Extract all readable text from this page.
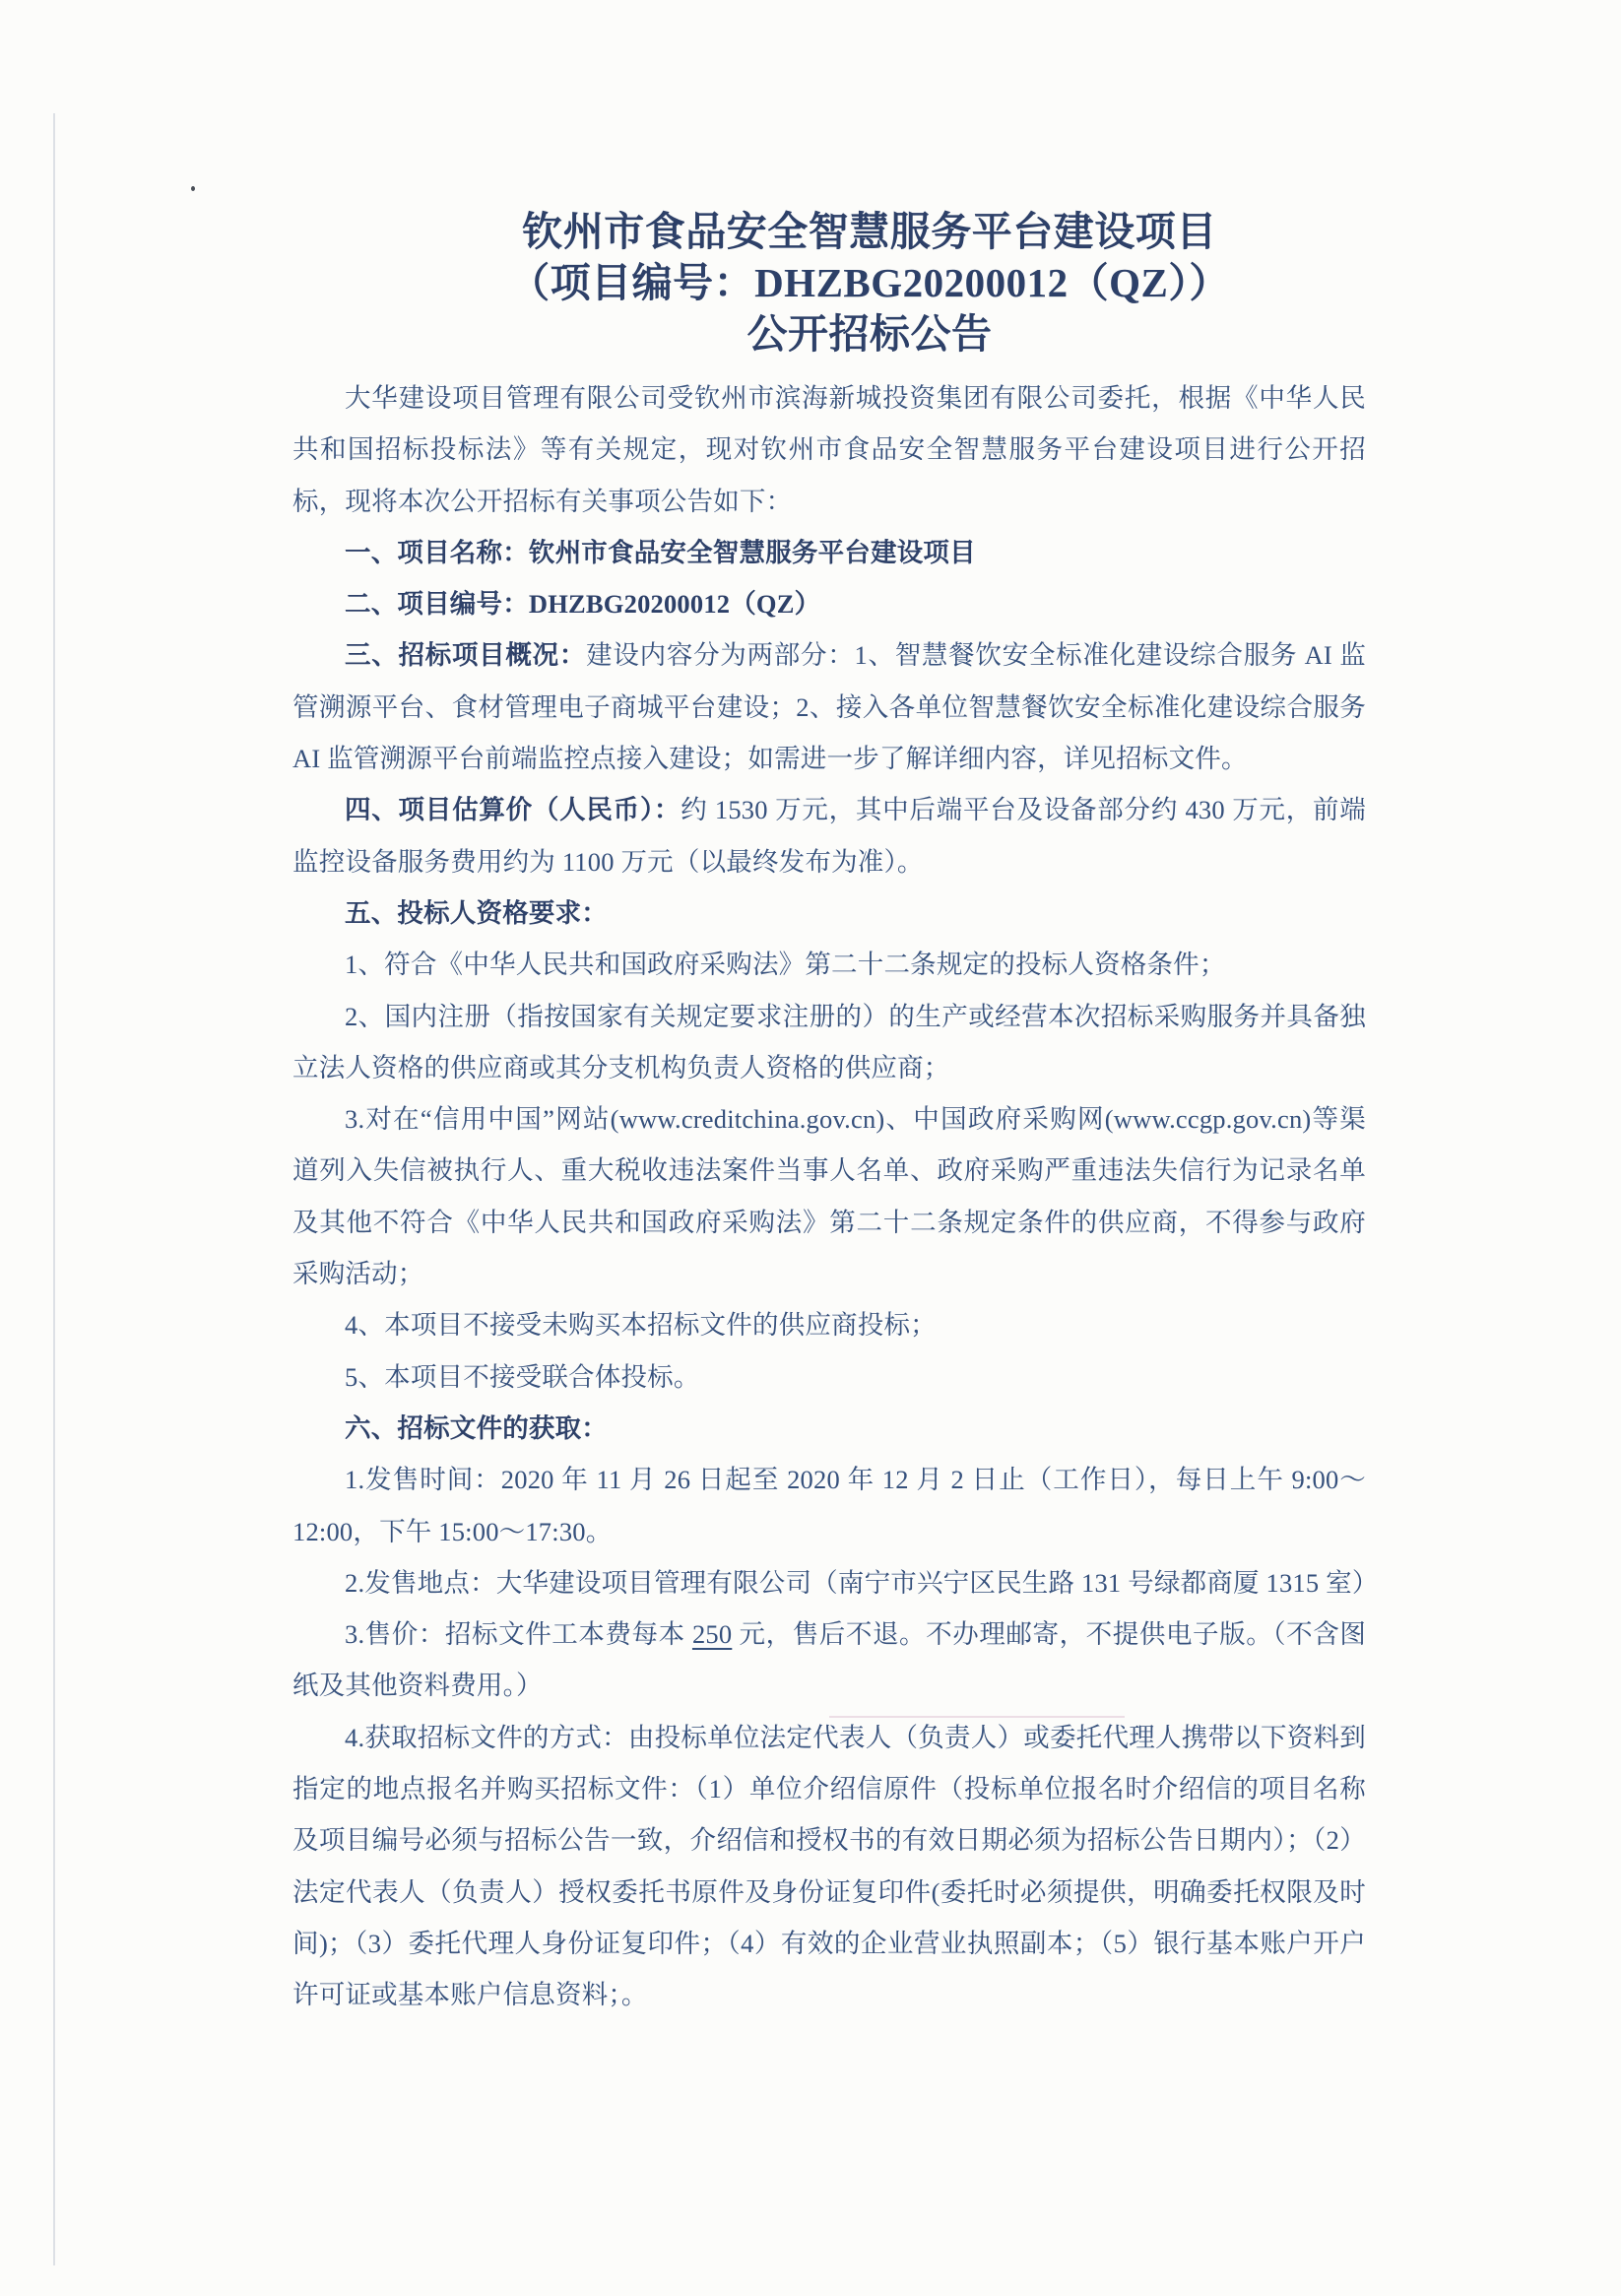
钦州市食品安全智慧服务平台建设项目
（项目编号：DHZBG20200012（QZ））
公开招标公告

大华建设项目管理有限公司受钦州市滨海新城投资集团有限公司委托，根据《中华人民共和国招标投标法》等有关规定，现对钦州市食品安全智慧服务平台建设项目进行公开招标，现将本次公开招标有关事项公告如下：

一、项目名称：钦州市食品安全智慧服务平台建设项目

二、项目编号：DHZBG20200012（QZ）

三、招标项目概况：建设内容分为两部分：1、智慧餐饮安全标准化建设综合服务 AI 监管溯源平台、食材管理电子商城平台建设；2、接入各单位智慧餐饮安全标准化建设综合服务 AI 监管溯源平台前端监控点接入建设；如需进一步了解详细内容，详见招标文件。

四、项目估算价（人民币）：约 1530 万元，其中后端平台及设备部分约 430 万元，前端监控设备服务费用约为 1100 万元（以最终发布为准）。

五、投标人资格要求：

1、符合《中华人民共和国政府采购法》第二十二条规定的投标人资格条件；

2、国内注册（指按国家有关规定要求注册的）的生产或经营本次招标采购服务并具备独立法人资格的供应商或其分支机构负责人资格的供应商；

3.对在“信用中国”网站(www.creditchina.gov.cn)、中国政府采购网(www.ccgp.gov.cn)等渠道列入失信被执行人、重大税收违法案件当事人名单、政府采购严重违法失信行为记录名单及其他不符合《中华人民共和国政府采购法》第二十二条规定条件的供应商，不得参与政府采购活动；

4、本项目不接受未购买本招标文件的供应商投标；

5、本项目不接受联合体投标。

六、招标文件的获取：

1.发售时间：2020 年 11 月 26 日起至 2020 年 12 月 2 日止（工作日），每日上午 9:00～12:00，下午 15:00～17:30。

2.发售地点：大华建设项目管理有限公司（南宁市兴宁区民生路 131 号绿都商厦 1315 室）

3.售价：招标文件工本费每本 250 元，售后不退。不办理邮寄，不提供电子版。（不含图纸及其他资料费用。）

4.获取招标文件的方式：由投标单位法定代表人（负责人）或委托代理人携带以下资料到指定的地点报名并购买招标文件：（1）单位介绍信原件（投标单位报名时介绍信的项目名称及项目编号必须与招标公告一致，介绍信和授权书的有效日期必须为招标公告日期内）；（2）法定代表人（负责人）授权委托书原件及身份证复印件(委托时必须提供，明确委托权限及时间)；（3）委托代理人身份证复印件；（4）有效的企业营业执照副本；（5）银行基本账户开户许可证或基本账户信息资料；。
